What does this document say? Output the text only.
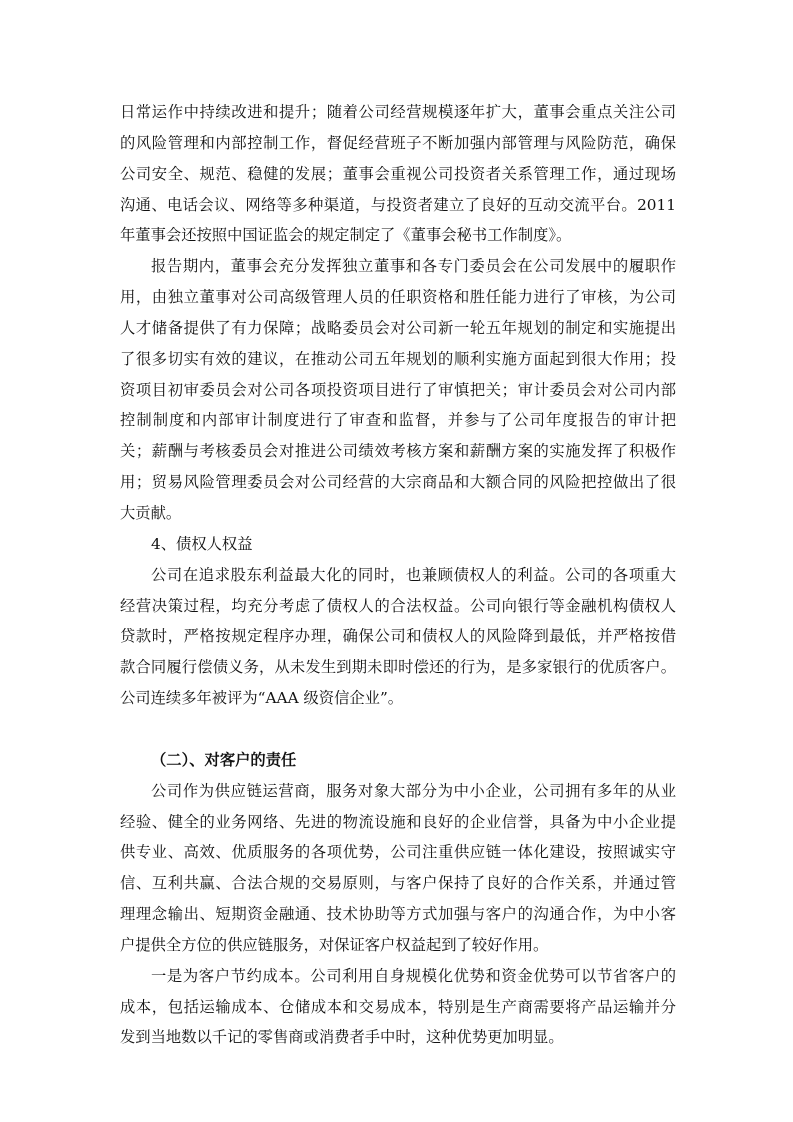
日常运作中持续改进和提升；随着公司经营规模逐年扩大，董事会重点关注公司
的风险管理和内部控制工作，督促经营班子不断加强内部管理与风险防范，确保
公司安全、规范、稳健的发展；董事会重视公司投资者关系管理工作，通过现场
沟通、电话会议、网络等多种渠道，与投资者建立了良好的互动交流平台。2011
年董事会还按照中国证监会的规定制定了《董事会秘书工作制度》。
报告期内，董事会充分发挥独立董事和各专门委员会在公司发展中的履职作
用，由独立董事对公司高级管理人员的任职资格和胜任能力进行了审核，为公司
人才储备提供了有力保障；战略委员会对公司新一轮五年规划的制定和实施提出
了很多切实有效的建议，在推动公司五年规划的顺利实施方面起到很大作用；投
资项目初审委员会对公司各项投资项目进行了审慎把关；审计委员会对公司内部
控制制度和内部审计制度进行了审查和监督，并参与了公司年度报告的审计把
关；薪酬与考核委员会对推进公司绩效考核方案和薪酬方案的实施发挥了积极作
用；贸易风险管理委员会对公司经营的大宗商品和大额合同的风险把控做出了很
大贡献。
4、债权人权益
公司在追求股东利益最大化的同时，也兼顾债权人的利益。公司的各项重大
经营决策过程，均充分考虑了债权人的合法权益。公司向银行等金融机构债权人
贷款时，严格按规定程序办理，确保公司和债权人的风险降到最低，并严格按借
款合同履行偿债义务，从未发生到期未即时偿还的行为，是多家银行的优质客户。
公司连续多年被评为“AAA 级资信企业”。
（二）、对客户的责任
公司作为供应链运营商，服务对象大部分为中小企业，公司拥有多年的从业
经验、健全的业务网络、先进的物流设施和良好的企业信誉，具备为中小企业提
供专业、高效、优质服务的各项优势，公司注重供应链一体化建设，按照诚实守
信、互利共赢、合法合规的交易原则，与客户保持了良好的合作关系，并通过管
理理念输出、短期资金融通、技术协助等方式加强与客户的沟通合作，为中小客
户提供全方位的供应链服务，对保证客户权益起到了较好作用。
一是为客户节约成本。公司利用自身规模化优势和资金优势可以节省客户的
成本，包括运输成本、仓储成本和交易成本，特别是生产商需要将产品运输并分
发到当地数以千记的零售商或消费者手中时，这种优势更加明显。
